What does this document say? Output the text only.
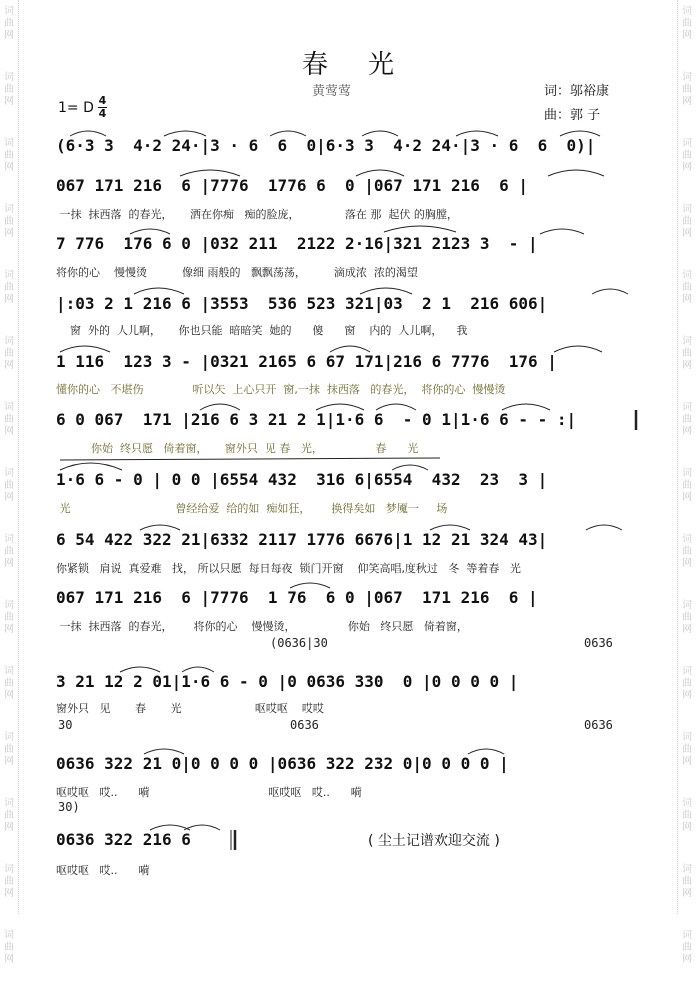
词
曲
网
词
曲
网
词
曲
网
词
曲
网
词
曲
网
词
曲
网
词
曲
网
词
曲
网
词
曲
网
词
曲
网
词
曲
网
词
曲
网
词
曲
网
词
曲
网
词
曲
网
词
曲
网
词
曲
网
词
曲
网
词
曲
网
词
曲
网
词
曲
网
词
曲
网
词
曲
网
词
曲
网
词
曲
网
词
曲
网
词
曲
网
词
曲
网
词
曲
网
词
曲
网
春光
黄莺莺	词：邬裕康
曲：郭 子
1= D 4
4
(6·3 3  4·2 24·|3 · 6  6  0|6·3 3  4·2 24·|3 · 6  6  0)|
067 171 216  6 |7776  1776 6  0 |067 171 216  6 |
一抹  抹西落  的春光，     洒在你痴   痴的脸庞，             落在 那  起伏 的胸膛，
7 776  176 6 0 |032 211  2122 2·16|321 2123 3  - |
将你的心    慢慢烫          像细 雨般的   飘飘荡荡，        滴成浓  浓的渴望
|:03 2 1 216 6 |3553  536 523 321|03  2 1  216 606|
窗  外的  人儿啊，     你也只能  暗暗笑  她的      傻      窗    内的  人儿啊，    我
1 116  123 3 - |0321 2165 6 67 171|216 6 7776  176 |
懂你的心   不堪伤              听以矢  上心只开  窗,一抹  抹西落   的春光，  将你的心  慢慢烫
6 0 067  171 |216 6 3 21 2 1|1·6 6  - 0 1|1·6 6 - - :|
你始  终只愿   倚着窗，     窗外只  见 春   光，               春      光
1·6 6 - 0 | 0 0 |6554 432  316 6|6554  432  23  3 |
光                              曾经给爱  给的如  痴如狂，      换得矣如   梦魇一     场
6 54 422 322 21|6332 2117 1776 6676|1 12 21 324 43|
你紧锁   肩说  真爱难   找， 所以只愿  每日每夜  锁门开窗    仰笑高唱,度秋过   冬  等着春   光
067 171 216  6 |7776  1 76  6 0 |067  171 216  6 |
一抹  抹西落  的春光，      将你的心    慢慢烫，               你始   终只愿   倚着窗，
(0636|30	0636
3 21 12 2 01|1·6 6 - 0 |0 0636 330  0 |0 0 0 0 |
窗外只   见       春       光                     呕哎呕    哎哎
30	0636	0636
0636 322 21 0|0 0 0 0 |0636 322 232 0|0 0 0 0 |
呕哎呕   哎..      嗬                                  呕哎呕   哎..      嗬
30)
0636 322 216 6
呕哎呕   哎..      嗬
( 尘土记谱欢迎交流 )
